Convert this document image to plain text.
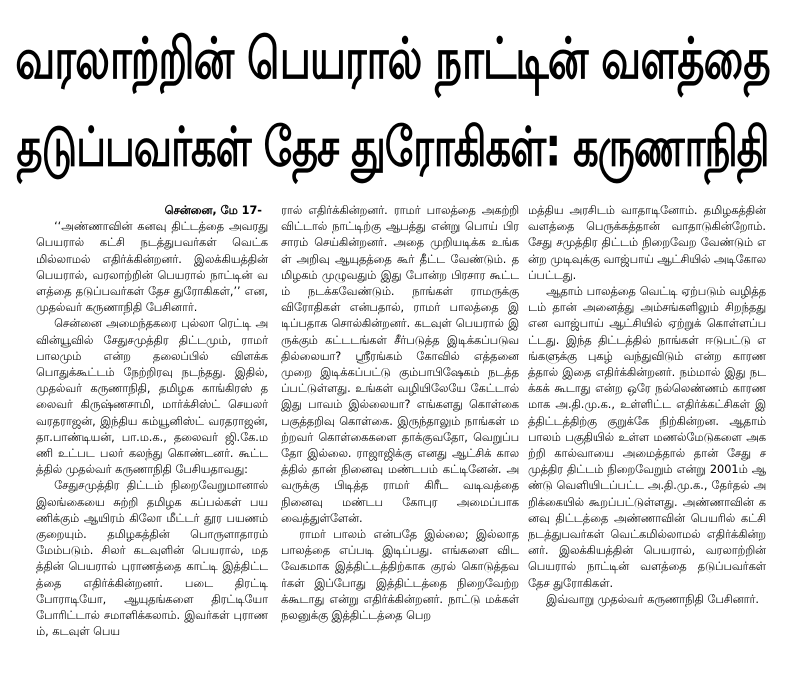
வரலாற்றின் பெயரால் நாட்டின் வளத்தை
தடுப்பவர்கள் தேச துரோகிகள்: கருணாநிதி

சென்னை, மே 17-

‘‘அண்ணாவின் கனவு திட்டத்தை அவரது பெயரால் கட்சி நடத்துபவர்கள் வெட்கமில்லாமல் எதிர்க்கின்றனர். இலக்கியத்தின் பெயரால், வரலாற்றின் பெயரால் நாட்டின் வளத்தை தடுப்பவர்கள் தேச துரோகிகள்,’’ என, முதல்வர் கருணாநிதி பேசினார்.

சென்னை அமைந்தகரை புல்லா ரெட்டி அவின்யூவில் சேதுசமுத்திர திட்டமும், ராமர் பாலமும் என்ற தலைப்பில் விளக்க பொதுக்கூட்டம் நேற்றிரவு நடந்தது. இதில், முதல்வர் கருணாநிதி, தமிழக காங்கிரஸ் தலைவர் கிருஷ்ணசாமி, மார்க்சிஸ்ட் செயலர் வரதராஜன், இந்திய கம்யூனிஸ்ட் வரதராஜன், தா.பாண்டியன், பா.ம.க., தலைவர் ஜி.கே.மணி உட்பட பலர் கலந்து கொண்டனர். கூட்டத்தில் முதல்வர் கருணாநிதி பேசியதாவது:

சேதுசமுத்திர திட்டம் நிறைவேறுமானால் இலங்கையை சுற்றி தமிழக கப்பல்கள் பயணிக்கும் ஆயிரம் கிலோ மீட்டர் தூர பயணம் குறையும். தமிழகத்தின் பொருளாதாரம் மேம்படும். சிலர் கடவுளின் பெயரால், மதத்தின் பெயரால் புராணத்தை காட்டி இத்திட்டத்தை எதிர்க்கின்றனர். படை திரட்டி போராடியோ, ஆயுதங்களை திரட்டியோ போரிட்டால் சமாளிக்கலாம். இவர்கள் புராணம், கடவுள் பெய

ரால் எதிர்க்கின்றனர். ராமர் பாலத்தை அகற்றி விட்டால் நாட்டிற்கு ஆபத்து என்று பொய் பிரசாரம் செய்கின்றனர். அதை முறியடிக்க உங்கள் அறிவு ஆயுதத்தை கூர் தீட்ட வேண்டும். தமிழகம் முழுவதும் இது போன்ற பிரசார கூட்டம் நடக்கவேண்டும். நாங்கள் ராமருக்கு விரோதிகள் என்பதால், ராமர் பாலத்தை இடிப்பதாக சொல்கின்றனர். கடவுள் பெயரால் இருக்கும் கட்டடங்கள் சீர்படுத்த இடிக்கப்படுவதில்லையா? ஸ்ரீரங்கம் கோவில் எத்தனை முறை இடிக்கப்பட்டு கும்பாபிஷேகம் நடத்தப்பட்டுள்ளது. உங்கள் வழியிலேயே கேட்டால் இது பாவம் இல்லையா? எங்களது கொள்கை பகுத்தறிவு கொள்கை. இருந்தாலும் நாங்கள் மற்றவர் கொள்கைகளை தாக்குவதோ, வெறுப்பதோ இல்லை. ராஜாஜிக்கு எனது ஆட்சிக் காலத்தில் தான் நினைவு மண்டபம் கட்டினேன். அவருக்கு பிடித்த ராமர் கிரீட வடிவத்தை நினைவு மண்டப கோபுர அமைப்பாக வைத்துள்ளேன்.

ராமர் பாலம் என்பதே இல்லை; இல்லாத பாலத்தை எப்படி இடிப்பது. எங்களை விட வேகமாக இத்திட்டத்திற்காக குரல் கொடுத்தவர்கள் இப்போது இத்திட்டத்தை நிறைவேற்றக்கூடாது என்று எதிர்க்கின்றனர். நாட்டு மக்கள் நலனுக்கு இத்திட்டத்தை பெற

மத்திய அரசிடம் வாதாடினோம். தமிழகத்தின் வளத்தை பெருக்கத்தான் வாதாடுகின்றோம். சேது சமுத்திர திட்டம் நிறைவேற வேண்டும் என்ற முடிவுக்கு வாஜ்பாய் ஆட்சியில் அடிகோலப்பட்டது.

ஆதாம் பாலத்தை வெட்டி ஏற்படும் வழித்தடம் தான் அனைத்து அம்சங்களிலும் சிறந்தது என வாஜ்பாய் ஆட்சியில் ஏற்றுக் கொள்ளப்பட்டது. இந்த திட்டத்தில் நாங்கள் ஈடுபட்டு எங்களுக்கு புகழ் வந்துவிடும் என்ற காரணத்தால் இதை எதிர்க்கின்றனர். நம்மால் இது நடக்கக் கூடாது என்ற ஒரே நல்லெண்ணம் காரணமாக அ.தி.மு.க., உள்ளிட்ட எதிர்க்கட்சிகள் இத்திட்டத்திற்கு குறுக்கே நிற்கின்றன. ஆதாம் பாலம் பகுதியில் உள்ள மணல்மேடுகளை அகற்றி கால்வாயை அமைத்தால் தான் சேது சமுத்திர திட்டம் நிறைவேறும் என்று 2001ம் ஆண்டு வெளியிடப்பட்ட அ.தி.மு.க., தேர்தல் அறிக்கையில் கூறப்பட்டுள்ளது. அண்ணாவின் கனவு திட்டத்தை அண்ணாவின் பெயரில் கட்சி நடத்துபவர்கள் வெட்கமில்லாமல் எதிர்க்கின்றனர். இலக்கியத்தின் பெயரால், வரலாற்றின் பெயரால் நாட்டின் வளத்தை தடுப்பவர்கள் தேச துரோகிகள்.

இவ்வாறு முதல்வர் கருணாநிதி பேசினார்.
